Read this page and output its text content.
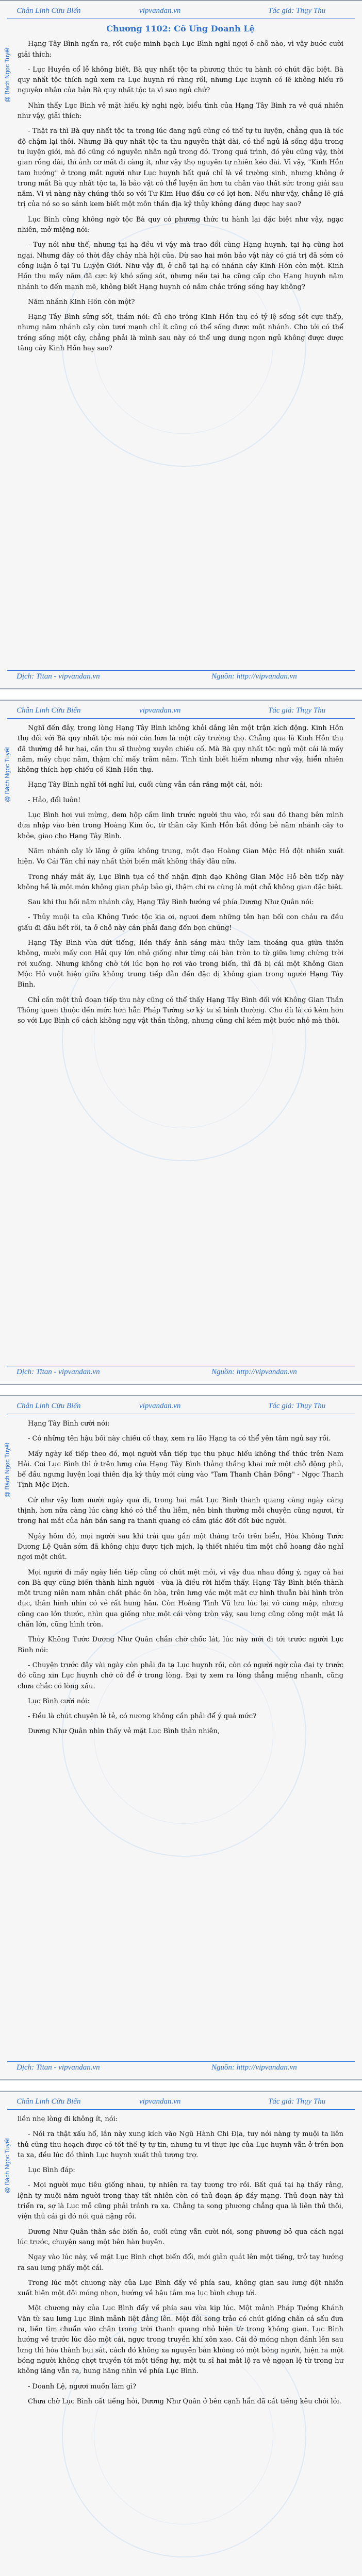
Chân Linh Cửu Biến	vipvandan.vn	Tác giả: Thụy Thu
@ Bách Ngọc Tuyết

Chương 1102: Cô Ưng Doanh Lệ

Hạng Tây Bình ngẩn ra, rốt cuộc minh bạch Lục Bình nghĩ ngợi ở chỗ nào, vì vậy bước cười giải thích:

- Lục Huyền cổ lễ không biết, Bà quy nhất tộc ta phương thức tu hành có chút đặc biệt. Bà quy nhất tộc thích ngủ xem ra Lục huynh rõ ràng rồi, nhưng Lục huynh có lẽ không hiểu rõ nguyên nhân của bản Bà quy nhất tộc ta vì sao ngủ chứ?

Nhìn thấy Lục Bình vẻ mặt hiếu kỳ nghi ngờ, biểu tình của Hạng Tây Bình ra vẻ quá nhiên như vậy, giải thích:

- Thật ra thì Bà quy nhất tộc ta trong lúc đang ngủ cũng có thể tự tu luyện, chẳng qua là tốc độ chậm lại thôi. Nhưng Bà quy nhất tộc ta thu nguyên thật dài, có thể ngủ lả sống dậu trong tu luyện giới, mà đó cũng có nguyên nhân ngủ trong đó. Trong quá trình, đó yêu cũng vậy, thời gian rồng dài, thì ảnh cơ mất đi càng ít, như vậy thọ nguyên tự nhiên kéo dài. Vì vậy, "Kinh Hồn tam hướng" ở trong mắt người như Lục huynh bất quá chỉ là về trường sinh, nhưng không ở trong mắt Bà quy nhất tộc ta, là bảo vật có thể luyện ăn hơn tu chân vào thất sức trong giải sau năm. Vì vì nàng này chúng thôi so với Tư Kim Huo đấu cơ có lợi hơn. Nếu như vậy, chẳng lẽ giá trị của nó so so sánh kem biết một môn thần địa kỹ thủy không đáng được hay sao?

Lục Bình cũng không ngờ tộc Bà quy có phương thức tu hành lại đặc biệt như vậy, ngạc nhiên, mở miệng nói:

- Tuy nói như thế, nhưng tại hạ đều vì vậy mà trao đổi cùng Hạng huynh, tại hạ cũng hơi ngại. Nhưng đây có thời đây chảy nhà hội của. Dù sao hai môn bảo vật này có giá trị đã sớm có công luận ở tại Tu Luyện Giới. Như vậy đi, ở chỗ tại hạ có nhánh cây Kinh Hồn còn một. Kinh Hồn thụ mấy năm đã cực kỳ khó sống sót, nhưng nếu tại hạ cũng cấp cho Hạng huynh năm nhánh to đến mạnh mẽ, không biết Hạng huynh có nắm chắc trồng sống hay không?

Năm nhánh Kinh Hồn còn một?

Hạng Tây Bình sửng sốt, thầm nói: đủ cho trồng Kinh Hồn thụ có tỷ lệ sống sót cực thấp, nhưng năm nhánh cây còn tươi mạnh chỉ ít cũng có thể sống được một nhánh. Cho tới có thể trồng sống một cây, chẳng phải là mình sau này có thể ung dung ngon ngủ không được dược tăng cây Kinh Hồn hay sao?

Dịch: Titan - vipvandan.vn	Nguồn: http://vipvandan.vn
Chân Linh Cửu Biến	vipvandan.vn	Tác giả: Thụy Thu
@ Bách Ngọc Tuyết

Nghĩ đến đây, trong lòng Hạng Tây Bình không khỏi dâng lên một trận kích động. Kinh Hồn thụ đối với Bà quy nhất tộc mà nói còn hơn là một cây trường thọ. Chẳng qua là Kinh Hồn thụ đã thường dễ hư hại, cần thu sĩ thường xuyên chiếu cố. Mà Bà quy nhất tộc ngủ một cái là mấy năm, mấy chục năm, thậm chí mấy trăm năm. Tình tình biết hiếm nhưng như vậy, hiển nhiên không thích hợp chiếu cố Kinh Hồn thụ.

Hạng Tây Bình nghĩ tới nghĩ lui, cuối cùng vẫn cắn răng một cái, nói:

- Hảo, đổi luôn!

Lục Bình hơi vui mừng, đem hộp cầm linh trước người thu vào, rồi sau đó thang bên mình đưa nhập vào bên trong Hoàng Kim ốc, từ thân cây Kinh Hồn bắt đồng bẻ năm nhánh cây to khỏe, giao cho Hạng Tây Bình.

Năm nhánh cây lờ lãng ở giữa không trung, một đạo Hoàng Gian Mộc Hỏ đột nhiên xuất hiện. Vo Cái Tân chỉ nay nhất thời biến mất không thấy đâu nữa.

Trong nháy mắt ấy, Lục Bình tựa có thể nhận định đạo Không Gian Mộc Hỏ bên tiếp này không hề là một món không gian pháp bảo gì, thậm chí ra cùng là một chỗ không gian đặc biệt.

Sau khi thu hồi năm nhánh cây, Hạng Tây Bình hướng về phía Dương Như Quân nói:

- Thủy muội ta của Không Tước tộc kia ơi, ngươi đem những tên hạn bối con cháu ra đều giấu đi đâu hết rồi, ta ở chỗ này cần phải đang đến bọn chúng!

Hạng Tây Bình vừa dứt tiếng, liền thấy ảnh sáng màu thủy lam thoáng qua giữa thiên không, mười mấy con Hải quy lớn nhỏ giống như từng cái bàn tròn to từ giữa lưng chừng trời rơi xuống. Nhưng không chờ tới lúc bọn họ rơi vào trong biển, thì đã bị cái một Không Gian Mộc Hỏ vuột hiện giữa không trung tiếp dẫn đến đặc dị không gian trong người Hạng Tây Bình.

Chỉ cần một thủ đoạn tiếp thu này cũng có thể thấy Hạng Tây Bình đối với Không Gian Thần Thông quen thuộc đến mức hơn hẳn Pháp Tướng sơ kỳ tu sĩ bình thường. Cho dù là có kém hơn so với Lục Bình cố cách không ngự vật thần thông, nhưng cũng chỉ kém một bước nhỏ mà thôi.

Dịch: Titan - vipvandan.vn	Nguồn: http://vipvandan.vn
Chân Linh Cửu Biến	vipvandan.vn	Tác giả: Thụy Thu
@ Bách Ngọc Tuyết

Hạng Tây Bình cười nói:

- Có những tên hậu bối này chiếu cố thay, xem ra lão Hạng ta có thể yên tâm ngủ say rồi.

Mấy ngày kế tiếp theo đó, mọi người vẫn tiếp tục thu phục hiểu không thể thức trên Nam Hải. Coi Lục Bình thì ở trên lưng của Hạng Tây Bình thảng thắng khai mở một chỗ động phủ, bế đầu ngưng luyện loại thiên địa kỳ thủy mới cùng vào "Tam Thanh Chân Đồng" - Ngọc Thanh Tịnh Mộc Dịch.

Cứ như vậy hơn mười ngày qua đi, trong hai mắt Lục Bình thanh quang càng ngày càng thịnh, hơn nữa càng lúc càng khó có thể thu liễm, nên bình thường mỗi chuyện cũng ngươi, từ trong hai mắt của hắn bắn sang ra thanh quang có cảm giác đốt đốt bức người.

Ngày hôm đó, mọi người sau khi trải qua gần một tháng trôi trên biển, Hòa Không Tước Dương Lệ Quân sớm đã không chịu được tịch mịch, lạ thiết nhiều tìm một chỗ hoang đảo nghỉ ngơi một chút.

Mọi người đi mấy ngày liên tiếp cũng có chút mệt mỏi, vì vậy đua nhau đồng ý, ngay cả hai con Bà quy cũng biến thành hình người - vừa là điều rời hiếm thấy. Hạng Tây Bình biến thành một trung niên nam nhân chất phác ôn hòa, trên lưng vác một mặt cự hình thuẫn bài hình tròn đục, thân hình nhìn có vẻ rất hung hãn. Còn Hoàng Tình Vũ lưu lúc lại vô cùng mập, nhưng cũng cao lớn thước, nhìn qua giống như một cái vòng tròn vậy, sau lưng cũng cõng một mặt lá chắn lớn, cũng hình tròn.

Thủy Không Tước Dương Như Quân chắn chờ chốc lát, lúc này mới đi tới trước người Lục Bình nói:

- Chuyện trước đây vài ngày còn phải đa tạ Lục huynh rồi, còn có người ngờ của đại ty trước đó cũng xin Lục huynh chớ có để ở trong lòng. Đại ty xem ra lòng thẳng miệng nhanh, cũng chưa chắc có lòng xấu.

Lục Bình cười nói:

- Đều là chút chuyện lẻ tẻ, có nương không cần phải để ý quá mức?

Dương Như Quân nhìn thấy vẻ mặt Lục Bình thản nhiên,

Dịch: Titan - vipvandan.vn	Nguồn: http://vipvandan.vn
Chân Linh Cửu Biến	vipvandan.vn	Tác giả: Thụy Thu
@ Bách Ngọc Tuyết

liền nhẹ lòng đi không ít, nói:

- Nói ra thật xấu hổ, lần này xung kích vào Ngũ Hành Chi Địa, tuy nói nàng ty muội ta liên thủ cũng thu hoạch được có tốt thế ty tự tin, nhưng tu vi thực lực của Lục huynh vẫn ở trên bọn ta xa, đều lúc đó thình Lục huynh xuất thủ tương trợ.

Lục Bình đáp:

- Mọi người mục tiêu giống nhau, tự nhiên ra tay tương trợ rồi. Bất quá tại hạ thấy rằng, lệnh ty muội năm người trong thay tất nhiên còn có thủ đoạn áp đáy mạng. Thủ đoạn này thì triển ra, sợ là Lục mỗ cũng phải tránh ra xa. Chẳng ta song phương chẳng qua là liên thủ thôi, viện thủ cái gì đó nói quá nặng rồi.

Dương Như Quân thân sắc biến ảo, cuối cùng vẫn cười nói, song phương bỏ qua cách ngại lúc trước, chuyện sang một bên hàn huyên.

Ngay vào lúc này, về mặt Lục Bình chợt biến đổi, mới giản quát lên một tiếng, trở tay hướng ra sau lưng phẩy một cái.

Trong lúc một chương này của Lục Bình đẩy về phía sau, không gian sau lưng đột nhiên xuất hiện một đôi móng nhọn, hướng về hậu tâm mạ lục bình chụp tới.

Một chương này của Lục Bình đẩy về phía sau vừa kịp lúc. Một mảnh Pháp Tướng Khánh Văn từ sau lưng Lục Bình mảnh liệt đẳng lên. Một đôi song trảo có chút giống chân cá sấu đưa ra, liền tìm chuẩn vào chân trong trời thanh quang nhỏ hiện từ trong không gian. Lục Bình hướng về trước lúc đảo một cái, ngực trong truyền khí xôn xao. Cái đó móng nhọn đánh lên sau lưng thì hóa thành bụi sát, cách đó không xa nguyên bản không có một bóng người, hiện ra một bóng người không chợt truyền tới một tiếng hự, một tu sĩ hai mắt lộ ra vẻ ngoan lệ từ trong hư không lăng vẫn ra, hung hăng nhìn về phía Lục Bình.

- Doanh Lệ, ngươi muốn làm gì?

Chưa chờ Lục Bình cất tiếng hỏi, Dương Như Quân ở bên cạnh hắn đã cất tiếng kêu chói lói.
